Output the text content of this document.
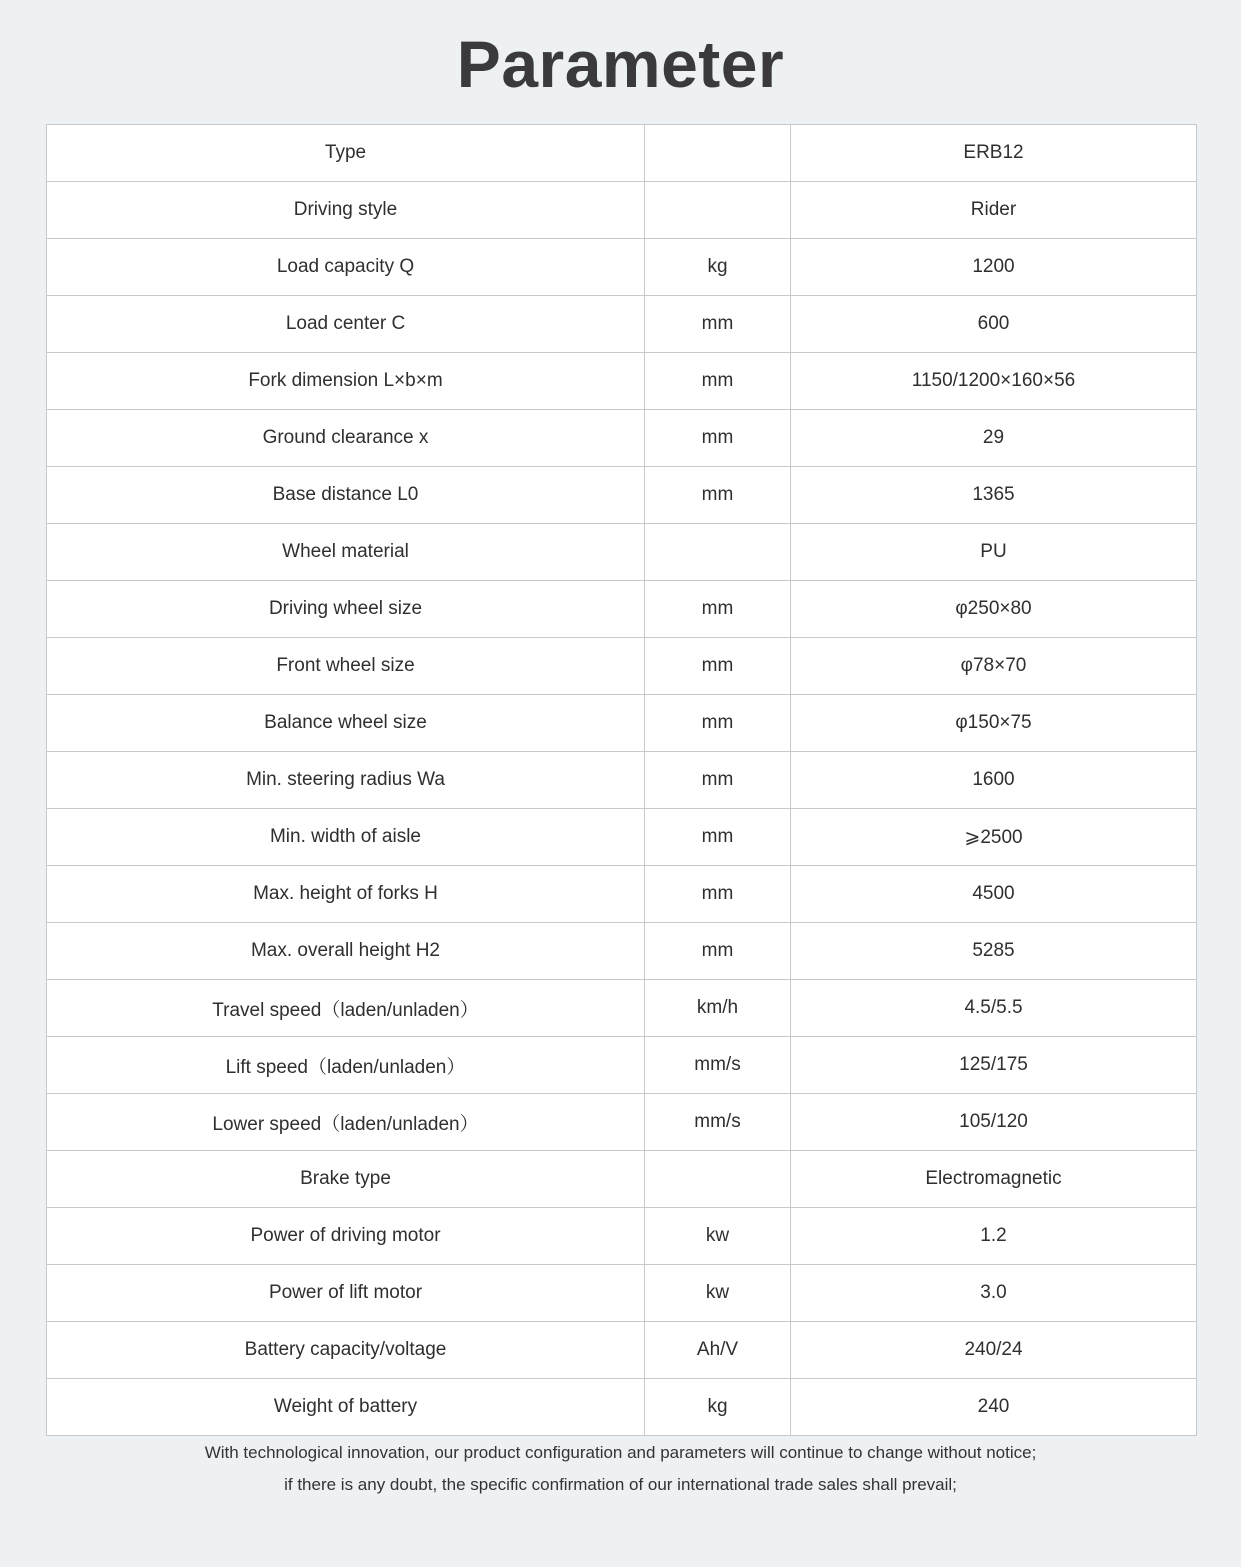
Parameter
Type		ERB12
Driving style		Rider
Load capacity Q	kg	1200
Load center C	mm	600
Fork dimension L×b×m	mm	1150/1200×160×56
Ground clearance x	mm	29
Base distance L0	mm	1365
Wheel material		PU
Driving wheel size	mm	φ250×80
Front wheel size	mm	φ78×70
Balance wheel size	mm	φ150×75
Min. steering radius Wa	mm	1600
Min. width of aisle	mm	⩾2500
Max. height of forks H	mm	4500
Max. overall height H2	mm	5285
Travel speed（laden/unladen）	km/h	4.5/5.5
Lift speed（laden/unladen）	mm/s	125/175
Lower speed（laden/unladen）	mm/s	105/120
Brake type		Electromagnetic
Power of driving motor	kw	1.2
Power of lift motor	kw	3.0
Battery capacity/voltage	Ah/V	240/24
Weight of battery	kg	240

With technological innovation, our product configuration and parameters will continue to change without notice;

if there is any doubt, the specific confirmation of our international trade sales shall prevail;
